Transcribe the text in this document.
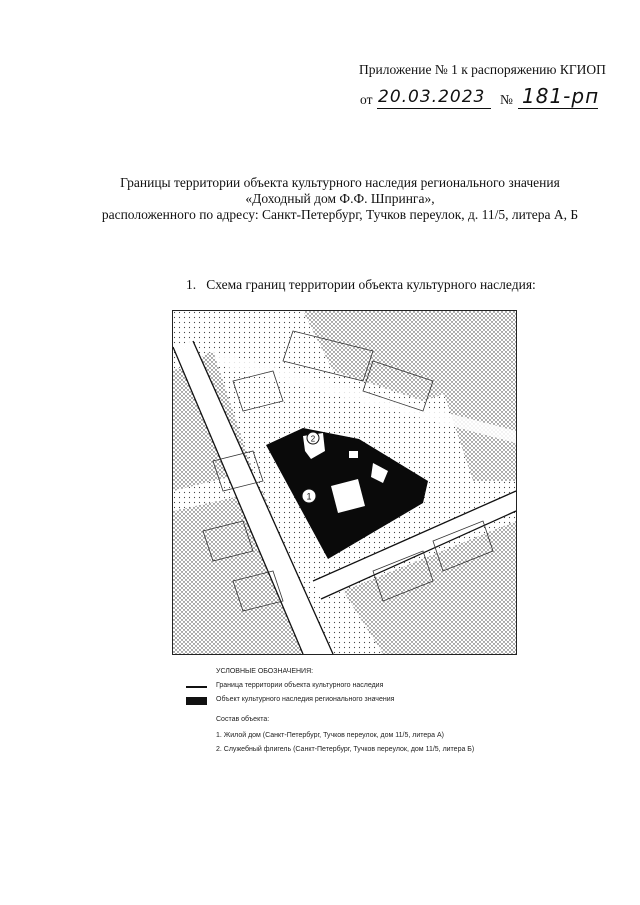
Приложение № 1 к распоряжению КГИОП
от 20.03.2023 № 181-рп
Границы территории объекта культурного наследия регионального значения
«Доходный дом Ф.Ф. Шпринга»,
расположенного по адресу: Санкт-Петербург, Тучков переулок, д. 11/5, литера А, Б
1. Схема границ территории объекта культурного наследия:
1
2
УСЛОВНЫЕ ОБОЗНАЧЕНИЯ:
Граница территории объекта культурного наследия
Объект культурного наследия регионального значения
Состав объекта:
1. Жилой дом (Санкт-Петербург, Тучков переулок, дом 11/5, литера А)
2. Служебный флигель (Санкт-Петербург, Тучков переулок, дом 11/5, литера Б)
